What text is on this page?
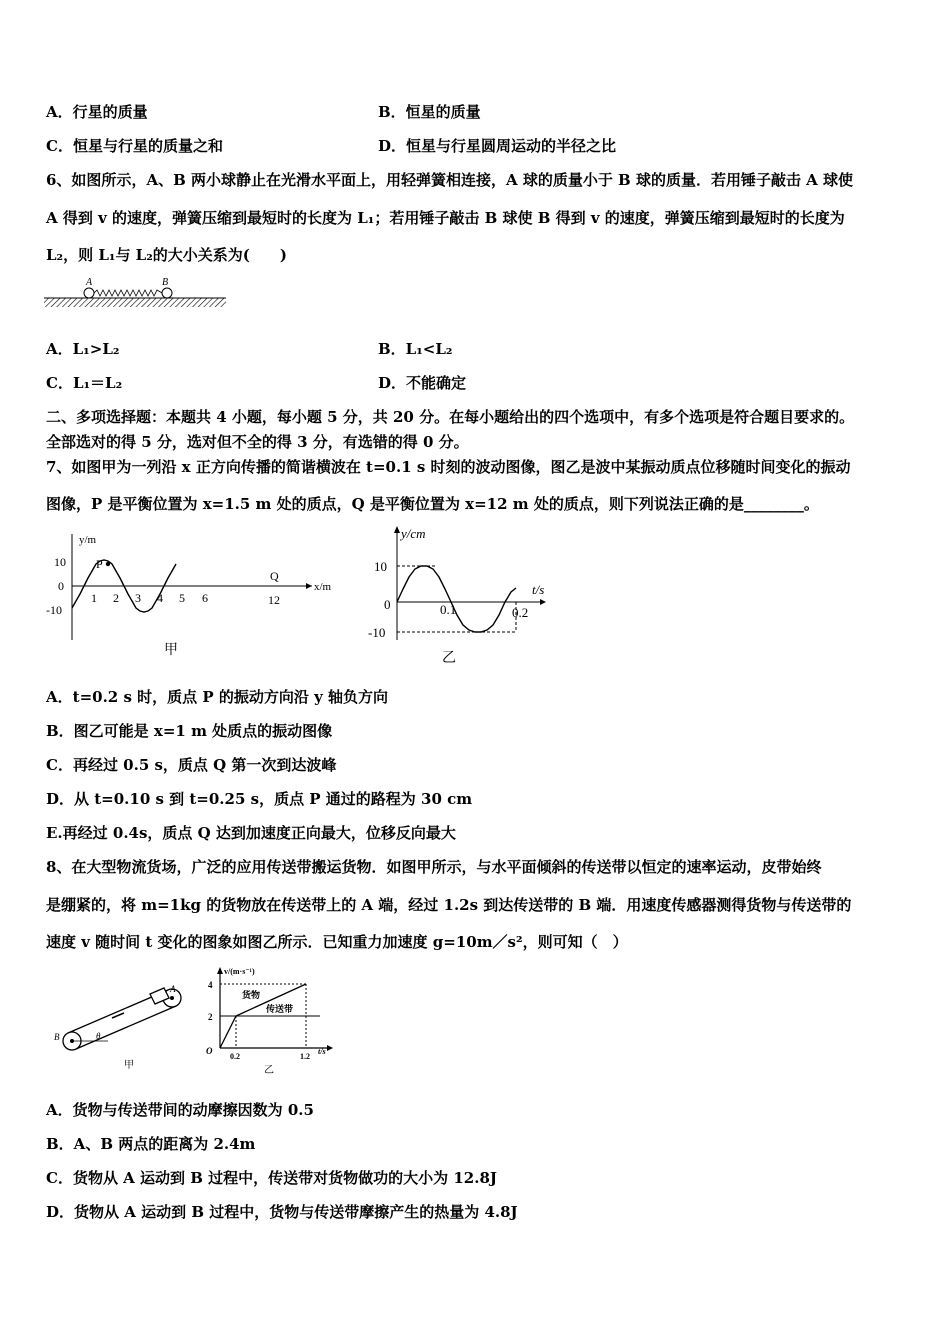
A．行星的质量	B．恒星的质量
C．恒星与行星的质量之和	D．恒星与行星圆周运动的半径之比
6、如图所示，A、B 两小球静止在光滑水平面上，用轻弹簧相连接，A 球的质量小于 B 球的质量．若用锤子敲击 A 球使
A 得到 v 的速度，弹簧压缩到最短时的长度为 L₁；若用锤子敲击 B 球使 B 得到 v 的速度，弹簧压缩到最短时的长度为
L₂，则 L₁与 L₂的大小关系为(　　)
A	B
A．L₁>L₂	B．L₁<L₂
C．L₁＝L₂	D．不能确定
二、多项选择题：本题共 4 小题，每小题 5 分，共 20 分。在每小题给出的四个选项中，有多个选项是符合题目要求的。
全部选对的得 5 分，选对但不全的得 3 分，有选错的得 0 分。
7、如图甲为一列沿 x 正方向传播的简谐横波在 t=0.1 s 时刻的波动图像，图乙是波中某振动质点位移随时间变化的振动
图像，P 是平衡位置为 x=1.5 m 处的质点，Q 是平衡位置为 x=12 m 处的质点，则下列说法正确的是________。
P
Q
y/m
x/m
10
0
-10
1 2 3 4 5 6	12
甲
y/cm
t/s
10
0
-10
0.1	0.2
乙
A．t=0.2 s 时，质点 P 的振动方向沿 y 轴负方向
B．图乙可能是 x=1 m 处质点的振动图像
C．再经过 0.5 s，质点 Q 第一次到达波峰
D．从 t=0.10 s 到 t=0.25 s，质点 P 通过的路程为 30 cm
E.再经过 0.4s，质点 Q 达到加速度正向最大，位移反向最大
8、在大型物流货场，广泛的应用传送带搬运货物．如图甲所示，与水平面倾斜的传送带以恒定的速率运动，皮带始终
是绷紧的，将 m=1kg 的货物放在传送带上的 A 端，经过 1.2s 到达传送带的 B 端．用速度传感器测得货物与传送带的
速度 v 随时间 t 变化的图象如图乙所示．已知重力加速度 g=10m／s²，则可知（　）
A
B	θ
甲
v/(m·s⁻¹)
t/s
4
2
O
0.2	1.2
货物
传送带
乙
A．货物与传送带间的动摩擦因数为 0.5
B．A、B 两点的距离为 2.4m
C．货物从 A 运动到 B 过程中，传送带对货物做功的大小为 12.8J
D．货物从 A 运动到 B 过程中，货物与传送带摩擦产生的热量为 4.8J
